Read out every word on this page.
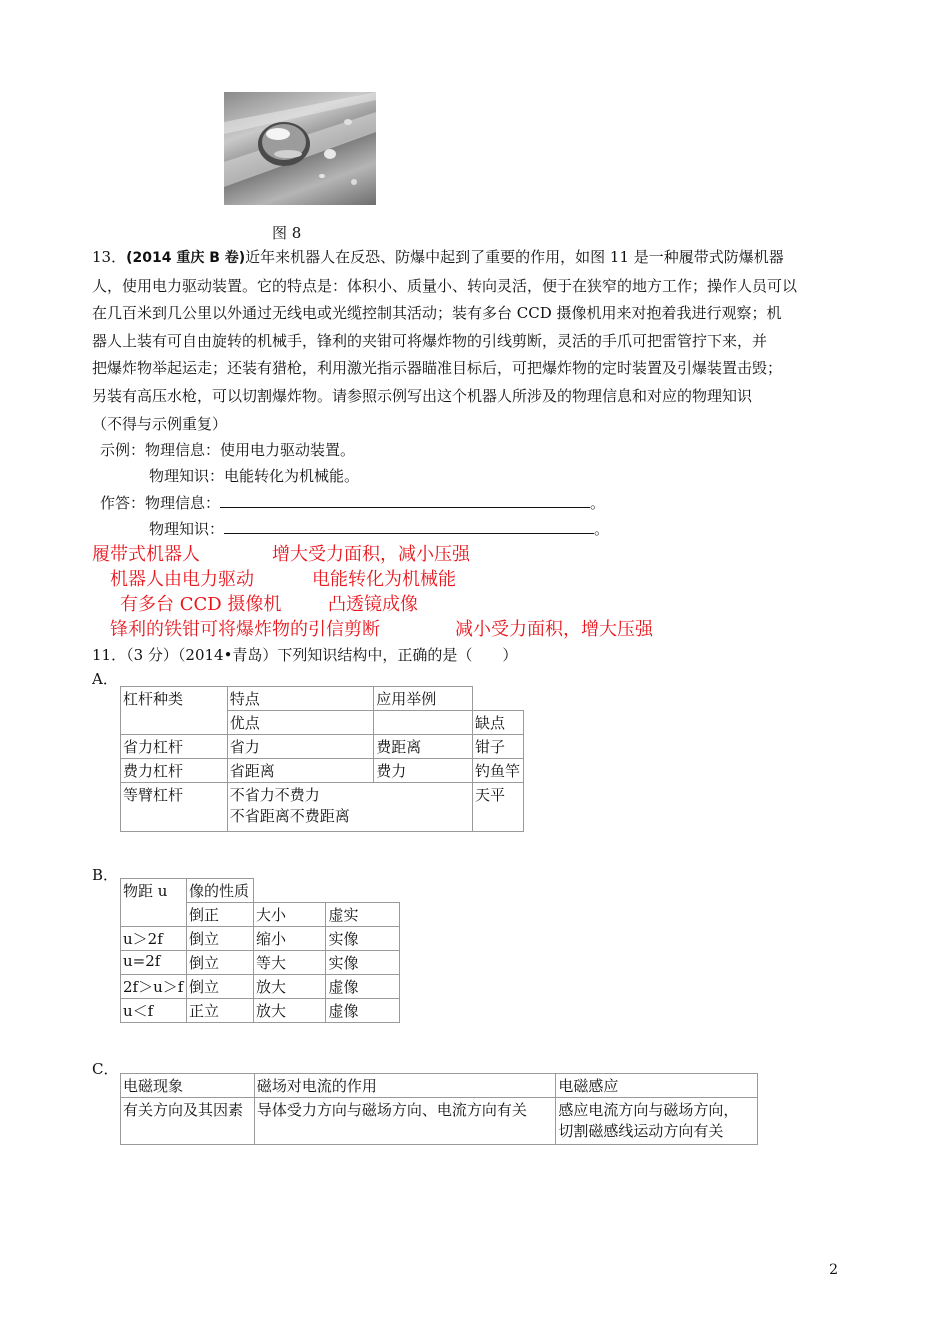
图 8
13．(2014 重庆 B 卷)近年来机器人在反恐、防爆中起到了重要的作用，如图 11 是一种履带式防爆机器
人，使用电力驱动装置。它的特点是：体积小、质量小、转向灵活，便于在狭窄的地方工作；操作人员可以
在几百米到几公里以外通过无线电或光缆控制其活动；装有多台 CCD 摄像机用来对抱着我进行观察；机
器人上装有可自由旋转的机械手，锋利的夹钳可将爆炸物的引线剪断，灵活的手爪可把雷管拧下来，并
把爆炸物举起运走；还装有猎枪，利用激光指示器瞄准目标后，可把爆炸物的定时装置及引爆装置击毁；
另装有高压水枪，可以切割爆炸物。请参照示例写出这个机器人所涉及的物理信息和对应的物理知识
（不得与示例重复）
示例：物理信息：使用电力驱动装置。
物理知识：电能转化为机械能。
作答：物理信息：	。
物理知识：	。
履带式机器人	增大受力面积，减小压强
机器人由电力驱动	电能转化为机械能
有多台 CCD 摄像机	凸透镜成像
锋利的铁钳可将爆炸物的引信剪断	减小受力面积，增大压强
11．（3 分）（2014•青岛）下列知识结构中，正确的是（　　）
A．
杠杆种类	特点	应用举例	
	优点		缺点
省力杠杆	省力	费距离	钳子
费力杠杆	省距离	费力	钓鱼竿
等臂杠杆	不省力不费力
不省距离不费距离		天平
B．
物距 u	像的性质		
	倒正	大小	虚实
u＞2f	倒立	缩小	实像
u=2f	倒立	等大	实像
2f＞u＞f	倒立	放大	虚像
u＜f	正立	放大	虚像
C．
电磁现象	磁场对电流的作用	电磁感应
有关方向及其因素	导体受力方向与磁场方向、电流方向有关	感应电流方向与磁场方向，
切割磁感线运动方向有关
2
